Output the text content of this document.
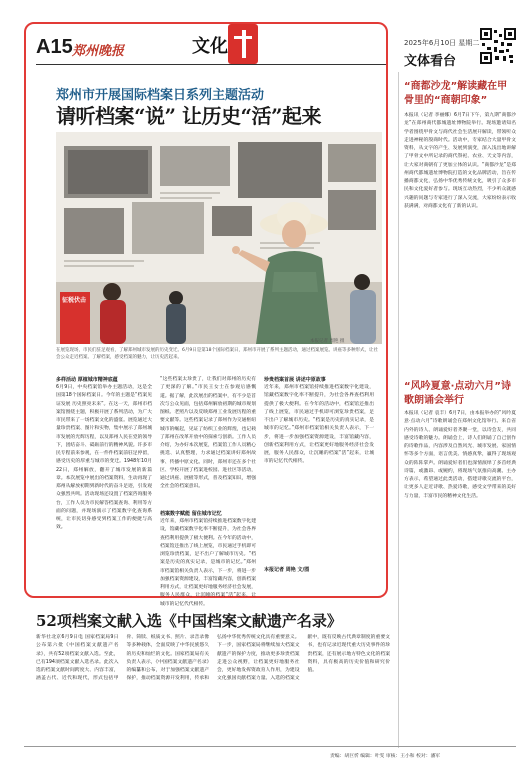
A15 郑州晚报	文化	2025年6月10日 星期二
文体看台
郑州市开展国际档案日系列主题活动
请听档案“说” 让历史“活”起来
征税伏击
本报记者 周艳 摄
在展览现场，市民们驻足观看，了解郑州城市发展的历史变迁。6月9日是第18个国际档案日，郑州市开展了系列主题活动，通过档案展览、讲座等多种形式，让社会公众走近档案、了解档案，感受档案的魅力，让历史活起来。
多样活动 厚植城市精神底蕴
6月9日，中央档案馆举办主题活动，这是全国第18个国际档案日。今年的主题是“档案见证发展 历史照亮未来”。在这一天，郑州市档案馆围绕主题，积极开展了系列活动，为广大市民带来了一场档案文化的盛宴。展览通过大量珍贵档案、图片和实物，集中展示了郑州城市发展的光辉历程，以及郑州人民在党的领导下，团结奋斗、砥砺前行的精神风貌。许多市民专程前来参观，在一件件档案前驻足停留，感受历史的厚重与城市的变迁。1948年10月22日，郑州解放，翻开了城市发展的新篇章。本次展览中展出的档案资料，生动再现了郑州从解放初期到新时代的奋斗足迹，引发观众强烈共鸣。活动现场还设置了档案咨询服务台，工作人员为市民解答档案查询、利用等方面的问题，并现场演示了档案数字化查询系统，让市民切身感受到档案工作的便捷与高效。
“这些档案太珍贵了，让我们对郑州的历史有了更深的了解。”市民王女士在参观后感慨道。据了解，此次展出的档案中，有不少是首次与公众见面，包括郑州解放初期的城市规划图纸、老照片以及反映郑州工业发展历程的重要文献等。这些档案记录了郑州作为交通枢纽城市的崛起，见证了纺织工业的辉煌，也记载了郑州在改革开放中的探索与创新。工作人员介绍，为办好本次展览，档案馆工作人员精心挑选、认真整理，力求通过档案讲好郑州故事、传播中原文化。同时，郑州市还在多个社区、学校开展了档案进校园、进社区等活动，通过讲座、展板等形式，普及档案知识，增强全社会的档案意识。
档案数字赋能 留住城市记忆
近年来，郑州市档案馆持续推进档案数字化建设，馆藏档案数字化率不断提升，为社会各界查档利用提供了极大便利。在今年的活动中，档案馆还推出了线上展览，市民通过手机即可浏览珍贵档案，足不出户了解城市历史。“档案是历史的真实记录，是城市的记忆。”郑州市档案馆相关负责人表示，下一步，将进一步加强档案资源建设，丰富馆藏内容，创新档案利用方式，让档案更好地服务经济社会发展，服务人民群众，让沉睡的档案“活”起来，让城市的记忆代代相传。
珍贵档案首展 讲述中原故事
近年来，郑州市档案馆持续推进档案数字化建设，馆藏档案数字化率不断提升，为社会各界查档利用提供了极大便利。在今年的活动中，档案馆还推出了线上展览，市民通过手机即可浏览珍贵档案，足不出户了解城市历史。“档案是历史的真实记录，是城市的记忆。”郑州市档案馆相关负责人表示，下一步，将进一步加强档案资源建设，丰富馆藏内容，创新档案利用方式，让档案更好地服务经济社会发展，服务人民群众，让沉睡的档案“活”起来，让城市的记忆代代相传。
本报记者 周艳 文/图
“商都沙龙”解读藏在甲骨里的“商朝印象”
本报讯（记者 李丽娜）6月7日下午，第九期“商都沙龙”在郑州商代都城遗址博物院举行。现场邀请知名学者围绕甲骨文与商代社会生活展开解读，带领听众走进神秘的殷商时代。活动中，专家结合大量甲骨文资料，从文字的产生、发展到演变，深入浅出地讲解了甲骨文中所记录的商代祭祀、农业、天文等内容，让大家对商朝有了更加立体的认识。“商都沙龙”是郑州商代都城遗址博物院打造的文化品牌活动，旨在传播商都文化，弘扬中华优秀传统文化，吸引了众多市民和文化爱好者参与。现场互动热烈，不少听众就感兴趣的问题与专家进行了深入交流，大家纷纷表示收获满满，对商都文化有了新的认识。
“风吟夏意·点动六月”诗歌朗诵会举行
本报讯（记者 袁丰）6月7日，由本报举办的“风吟夏意·点动六月”诗歌朗诵会在郑州文化馆举行。来自省内外的诗人、朗诵爱好者齐聚一堂，以诗会友，共同感受诗歌的魅力。朗诵会上，诗人们朗诵了自己创作的诗歌作品，内容涉及自然风光、城市发展、家国情怀等多个方面，语言优美、情感真挚，赢得了现场观众的阵阵掌声。朗诵爱好者们也深情演绎了多首经典诗篇，或激昂、或婉约，将现场气氛推向高潮。主办方表示，希望通过此类活动，搭建诗歌交流的平台，让更多人走近诗歌、热爱诗歌，感受文学带来的美好与力量，丰富市民的精神文化生活。
52项档案文献入选《中国档案文献遗产名录》
新华社北京6月9日电 国家档案局9日公布第六批《中国档案文献遗产名录》，共有52项档案文献入选。至此，已有194项档案文献入选名录。此次入选的档案文献时间跨度大、内容丰富，涵盖古代、近代和现代，形式包括甲骨、简牍、纸质文书、照片、录音录像等多种载体，全面反映了中华民族悠久的历史和灿烂的文化。国家档案局有关负责人表示，《中国档案文献遗产名录》的编纂和公布，对于加强档案文献遗产保护，推动档案资源开发利用，传承和弘扬中华优秀传统文化具有重要意义。下一步，国家档案局将继续加大档案文献遗产的保护力度，推动更多珍贵档案走进公众视野，让档案更好地服务社会，更好地发挥资政育人作用，为建设文化强国贡献档案力量。入选的档案文献中，既有反映古代典章制度的重要文书，也有记录近现代重大历史事件的珍贵档案，还有展示地方特色文化的档案资料，具有极高的历史价值和研究价值。
责编：胡巨忻 编辑：叶雯 审核：王小和 校对：潘军
